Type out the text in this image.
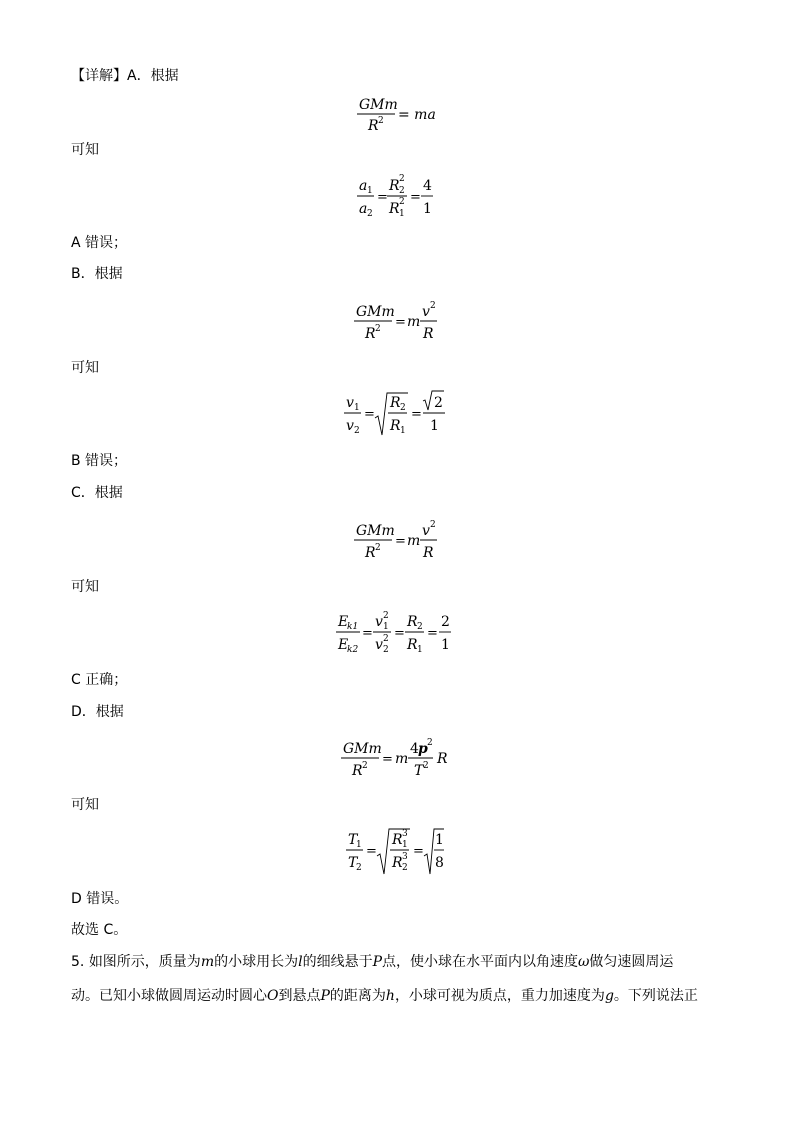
【详解】A．根据
GMm
R 2 = ma
可知
a 1
a 2
=
R 2
2
R 2
1
=
4
1
A 错误；
B．根据
GMm
R 2 = m
v 2
R
可知
v 1
v 2
=
R 2
R 1
=
2
1
B 错误；
C．根据
GMm
R 2 = m
v 2
R
可知
E
k1
E
k2
=
v 2
1
v 2
2
=
R 2
R 1
=
2
1
C 正确；
D．根据
GMm
R 2 = m
4 p 2
T 2 R
可知
T
1
T
2
=
R 3
1
R 3
2
=
1
8
D 错误。
故选 C。
5. 如图所示，质量为m的小球用长为l的细线悬于P点，使小球在水平面内以角速度ω做匀速圆周运
动。已知小球做圆周运动时圆心O到悬点P的距离为h，小球可视为质点，重力加速度为g。下列说法正
